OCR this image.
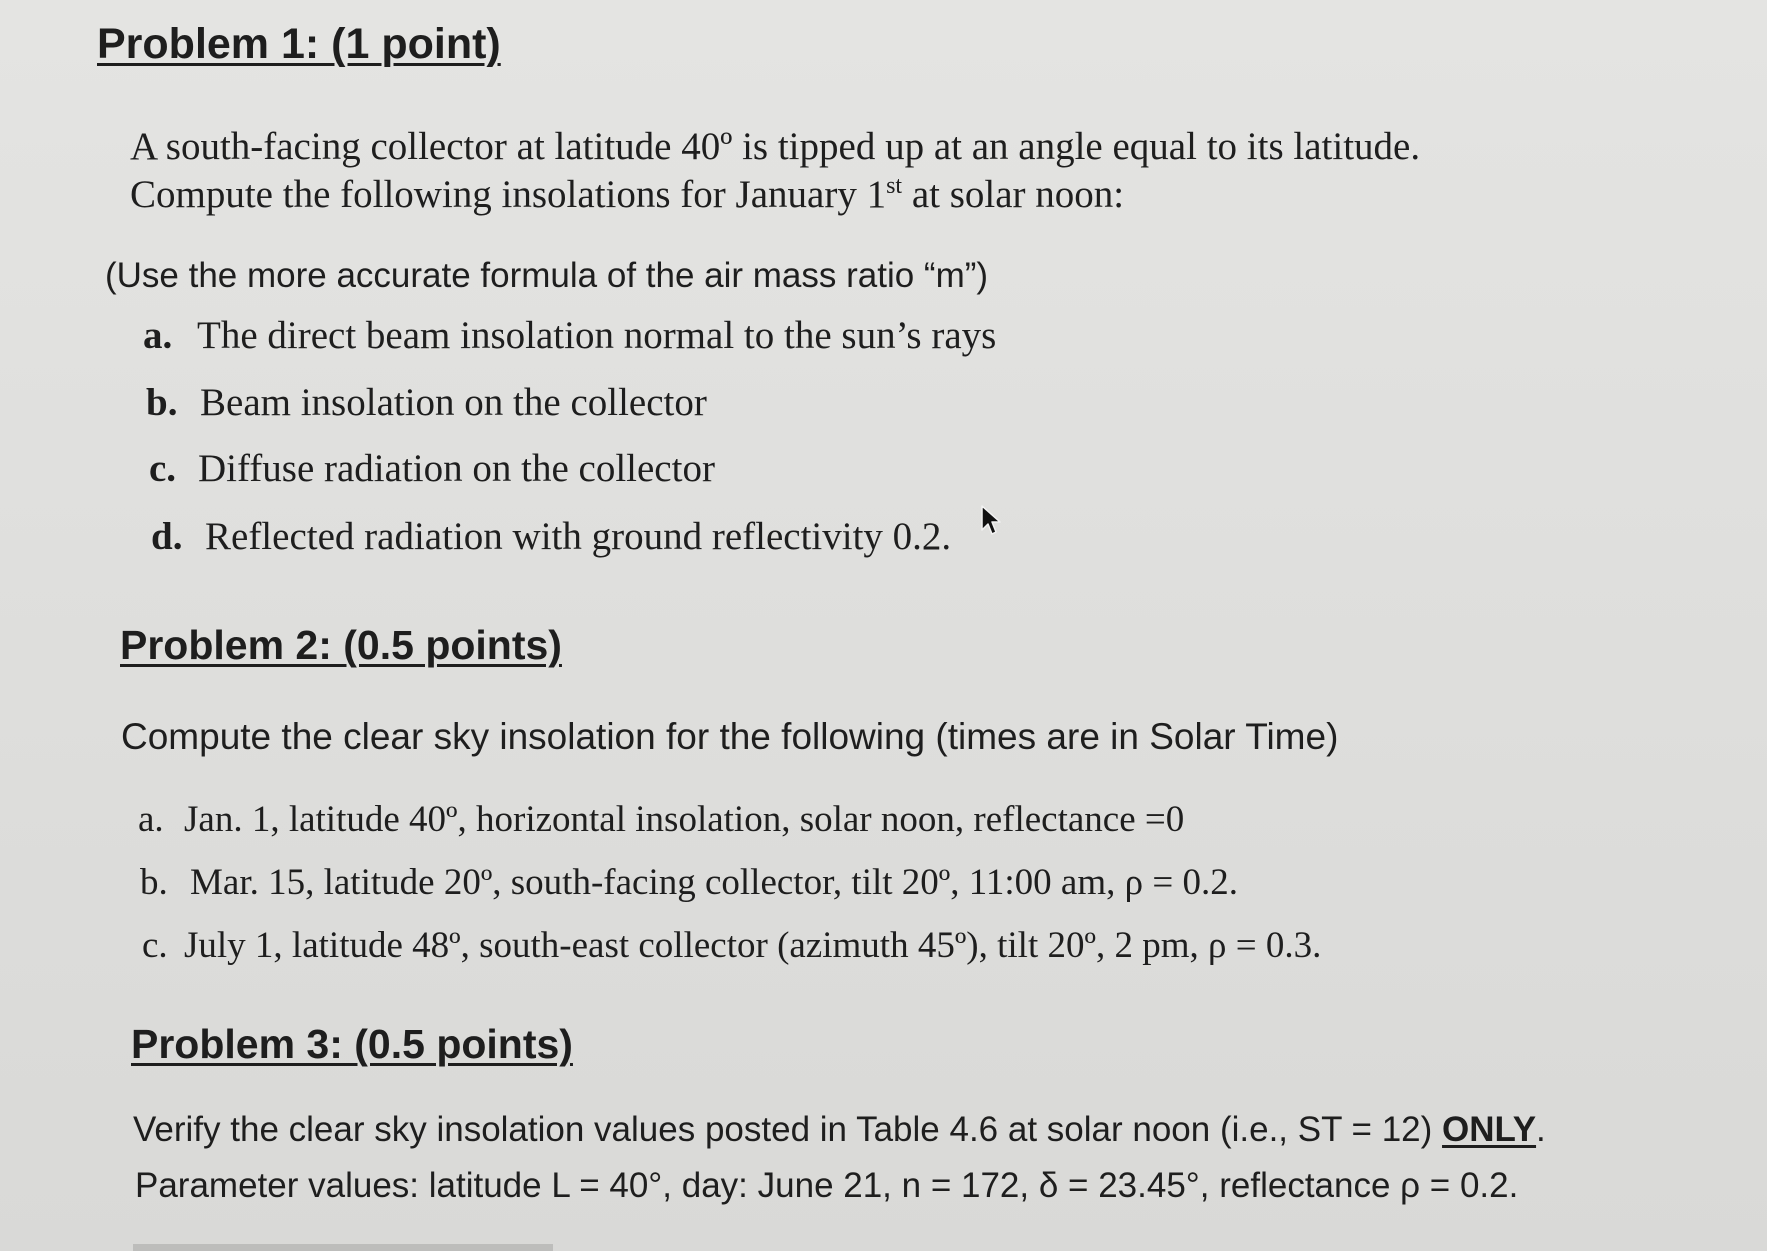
Problem 1: (1 point)
A south-facing collector at latitude 40º is tipped up at an angle equal to its latitude.
Compute the following insolations for January 1st at solar noon:
(Use the more accurate formula of the air mass ratio “m”)
a. The direct beam insolation normal to the sun’s rays
b. Beam insolation on the collector
c. Diffuse radiation on the collector
d. Reflected radiation with ground reflectivity 0.2.
Problem 2: (0.5 points)
Compute the clear sky insolation for the following (times are in Solar Time)
a. Jan. 1, latitude 40º, horizontal insolation, solar noon, reflectance =0
b. Mar. 15, latitude 20º, south-facing collector, tilt 20º, 11:00 am, ρ = 0.2.
c. July 1, latitude 48º, south-east collector (azimuth 45º), tilt 20º, 2 pm, ρ = 0.3.
Problem 3: (0.5 points)
Verify the clear sky insolation values posted in Table 4.6 at solar noon (i.e., ST = 12) ONLY.
Parameter values: latitude L = 40°, day: June 21, n = 172, δ = 23.45°, reflectance ρ = 0.2.
